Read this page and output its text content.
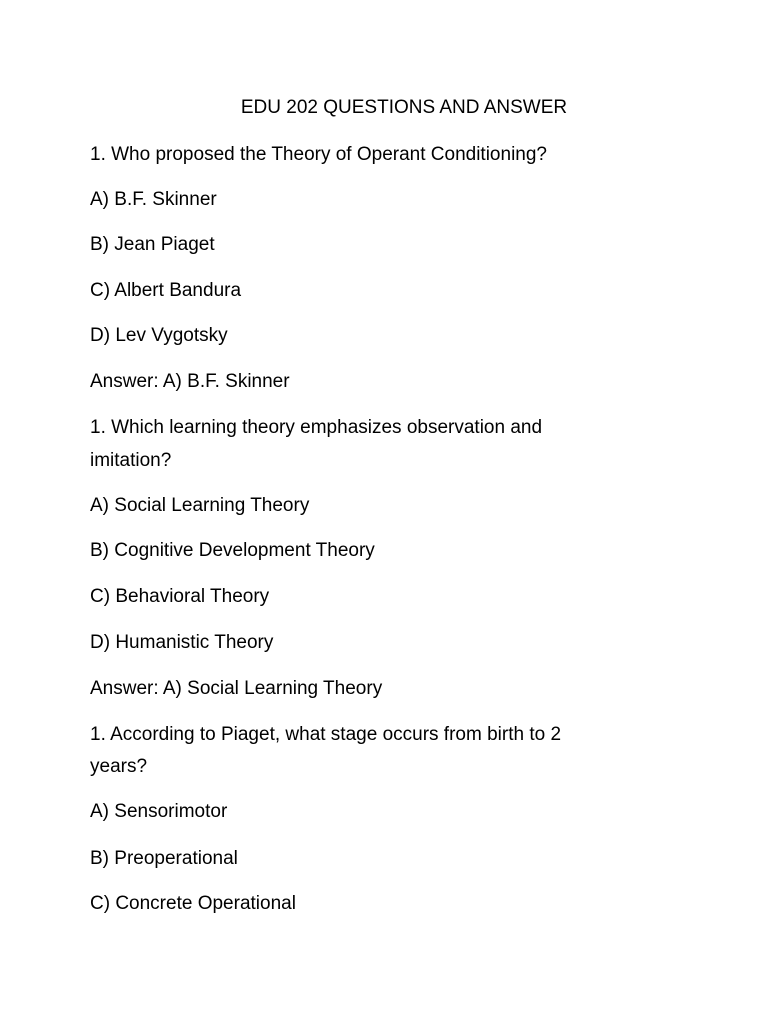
EDU 202 QUESTIONS AND ANSWER
1. Who proposed the Theory of Operant Conditioning?
A) B.F. Skinner
B) Jean Piaget
C) Albert Bandura
D) Lev Vygotsky
Answer: A) B.F. Skinner
1. Which learning theory emphasizes observation and
imitation?
A) Social Learning Theory
B) Cognitive Development Theory
C) Behavioral Theory
D) Humanistic Theory
Answer: A) Social Learning Theory
1. According to Piaget, what stage occurs from birth to 2
years?
A) Sensorimotor
B) Preoperational
C) Concrete Operational
